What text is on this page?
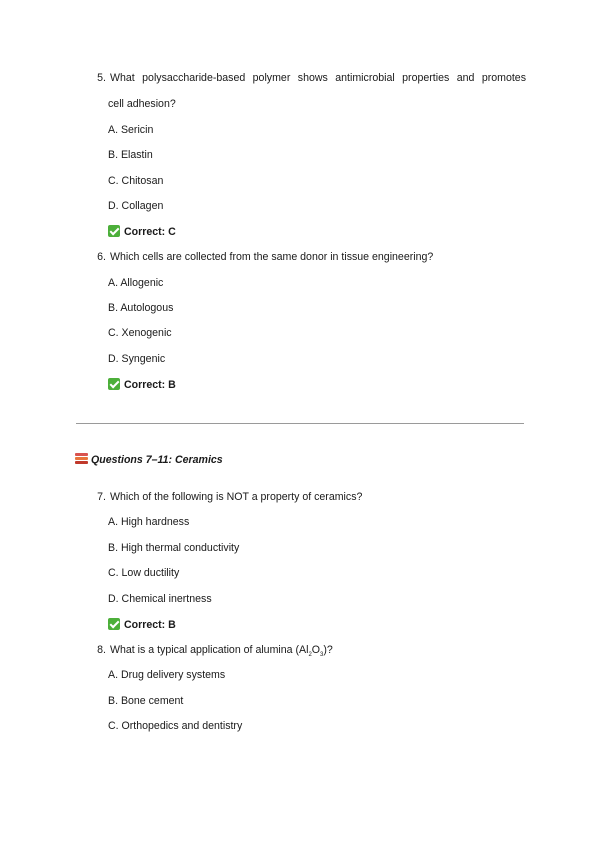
5. What polysaccharide-based polymer shows antimicrobial properties and promotes
cell adhesion?
A. Sericin
B. Elastin
C. Chitosan
D. Collagen
Correct: C
6. Which cells are collected from the same donor in tissue engineering?
A. Allogenic
B. Autologous
C. Xenogenic
D. Syngenic
Correct: B
Questions 7–11: Ceramics
7. Which of the following is NOT a property of ceramics?
A. High hardness
B. High thermal conductivity
C. Low ductility
D. Chemical inertness
Correct: B
8. What is a typical application of alumina $(Al_2O_3)$?
A. Drug delivery systems
B. Bone cement
C. Orthopedics and dentistry
